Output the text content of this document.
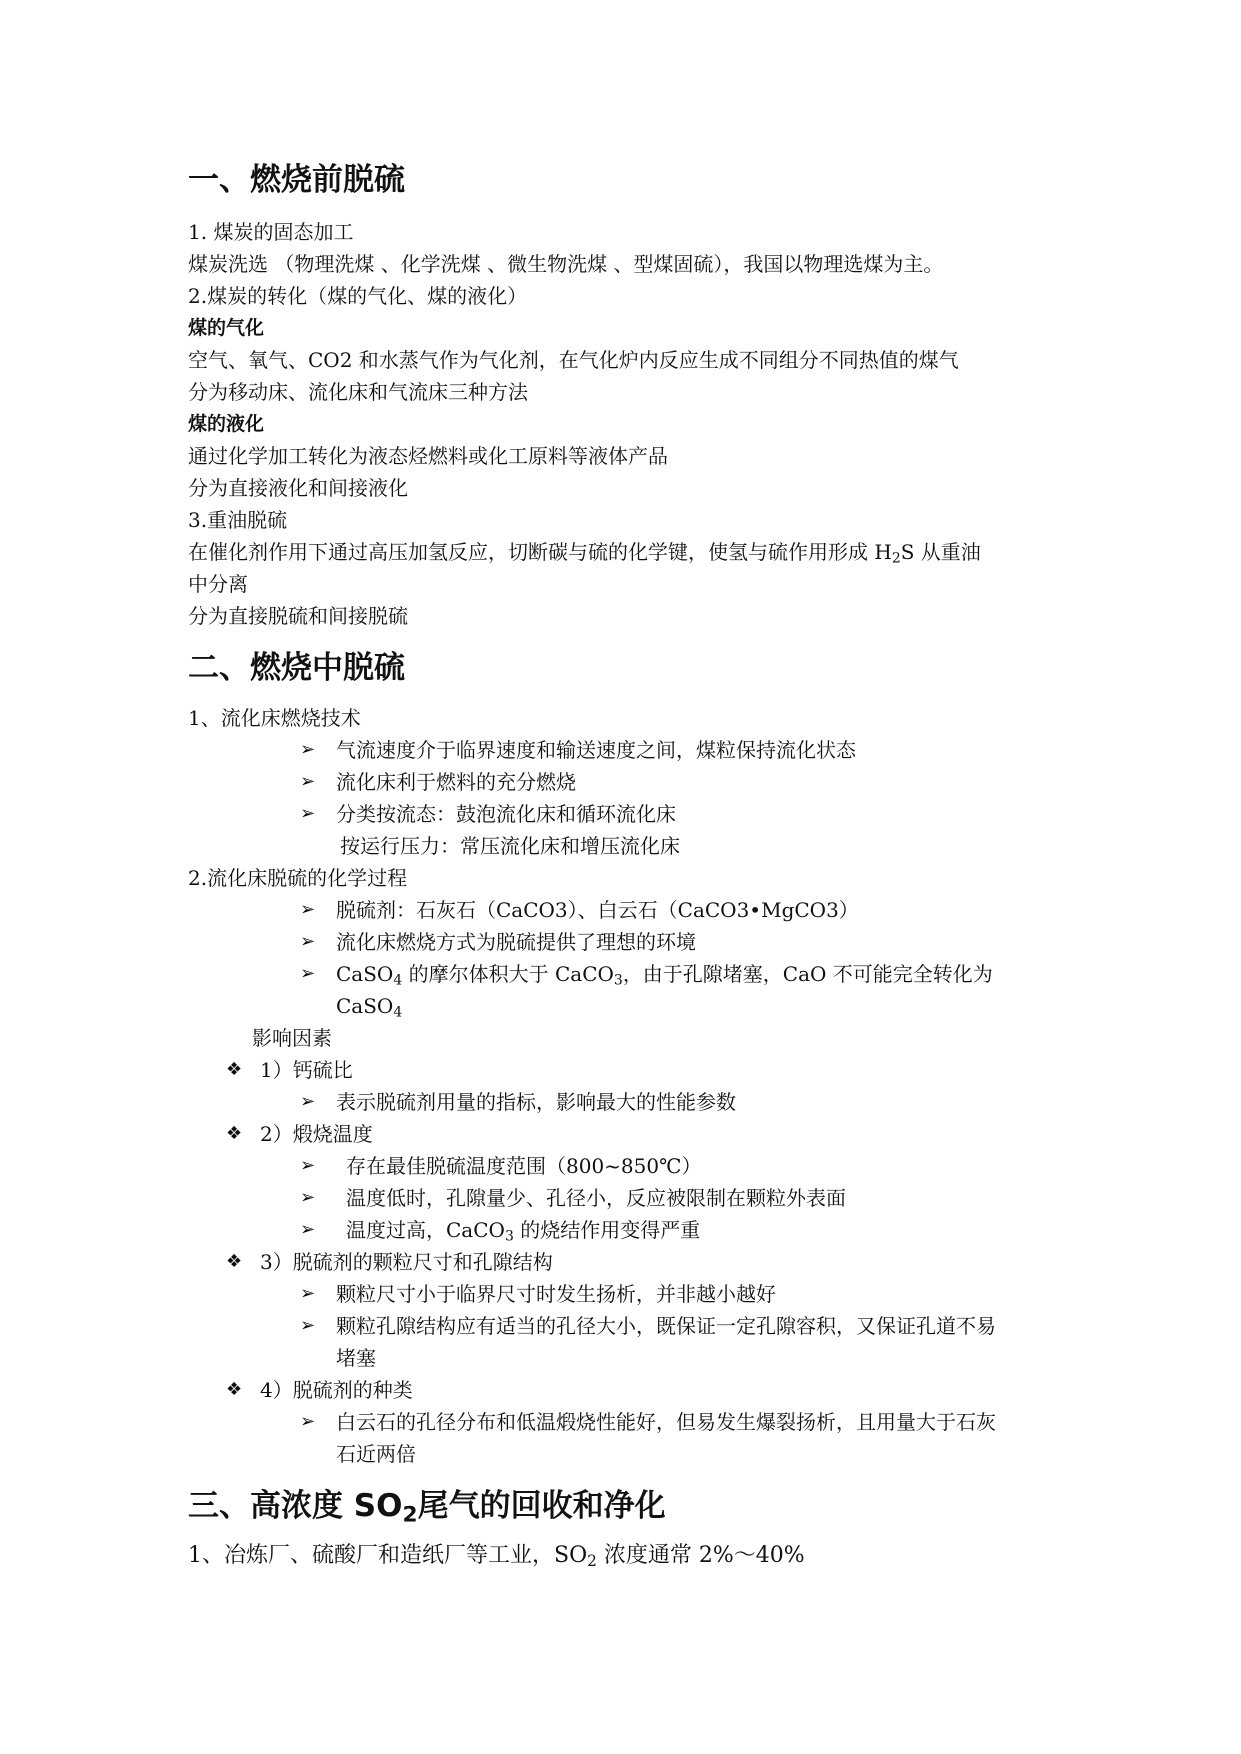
一、燃烧前脱硫
1. 煤炭的固态加工
煤炭洗选 （物理洗煤 、化学洗煤 、微生物洗煤 、型煤固硫），我国以物理选煤为主。
2.煤炭的转化（煤的气化、煤的液化）
煤的气化
空气、氧气、CO2 和水蒸气作为气化剂，在气化炉内反应生成不同组分不同热值的煤气
分为移动床、流化床和气流床三种方法
煤的液化
通过化学加工转化为液态烃燃料或化工原料等液体产品
分为直接液化和间接液化
3.重油脱硫
在催化剂作用下通过高压加氢反应，切断碳与硫的化学键，使氢与硫作用形成 $H_2S$ 从重油
中分离
分为直接脱硫和间接脱硫
二、燃烧中脱硫
1、流化床燃烧技术
➢ 气流速度介于临界速度和输送速度之间，煤粒保持流化状态
➢ 流化床利于燃料的充分燃烧
➢ 分类按流态：鼓泡流化床和循环流化床
按运行压力：常压流化床和增压流化床
2.流化床脱硫的化学过程
➢ 脱硫剂：石灰石（CaCO3）、白云石（CaCO3•MgCO3）
➢ 流化床燃烧方式为脱硫提供了理想的环境
➢ CaSO$_4$ 的摩尔体积大于 CaCO$_3$，由于孔隙堵塞，CaO 不可能完全转化为
CaSO$_4$
影响因素
❖ 1）钙硫比
➢ 表示脱硫剂用量的指标，影响最大的性能参数
❖ 2）煅烧温度
➢ 存在最佳脱硫温度范围（800~850℃）
➢ 温度低时，孔隙量少、孔径小，反应被限制在颗粒外表面
➢ 温度过高，CaCO$_3$ 的烧结作用变得严重
❖ 3）脱硫剂的颗粒尺寸和孔隙结构
➢ 颗粒尺寸小于临界尺寸时发生扬析，并非越小越好
➢ 颗粒孔隙结构应有适当的孔径大小，既保证一定孔隙容积，又保证孔道不易
堵塞
❖ 4）脱硫剂的种类
➢ 白云石的孔径分布和低温煅烧性能好，但易发生爆裂扬析，且用量大于石灰
石近两倍
三、高浓度 $SO_2$尾气的回收和净化
1、冶炼厂、硫酸厂和造纸厂等工业，$SO_2$ 浓度通常 2%～40%
